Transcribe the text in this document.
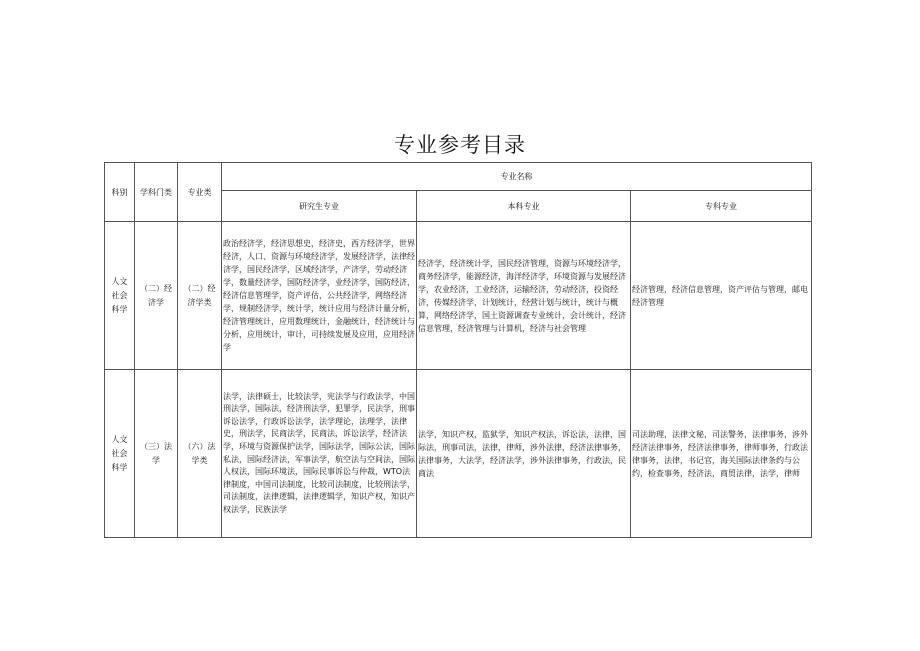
专业参考目录
科别	学科门类	专业类	专业名称		
			研究生专业	本科专业	专科专业
人文社会科学	（二）经济学	（二）经济学类	政治经济学，经济思想史，经济史，西方经济学，世界经济，人口、资源与环境经济学，发展经济学，法律经济学，国民经济学，区域经济学，产济学，劳动经济学，数量经济学，国防经济学，业经济学，国防经济，经济信息管理学，资产评估，公共经济学，网络经济学，规制经济学，统计学，统计应用与经济计量分析，经济管理统计，应用数理统计，金融统计，经济统计与分析，应用统计，审计，可持续发展及应用，应用经济学	经济学，经济统计学，国民经济管理，资源与环境经济学，商务经济学，能源经济，海洋经济学，环境资源与发展经济学，农业经济，工业经济，运输经济，劳动经济，投资经济，传媒经济学，计划统计，经营计划与统计，统计与概算，网络经济学，国土资源调查专业统计，会计统计，经济信息管理，经济管理与计算机，经济与社会管理	经济管理，经济信息管理，资产评估与管理，邮电经济管理
人文社会科学	（三）法学	（六）法学类	法学，法律硕士，比较法学，宪法学与行政法学，中国刑法学，国际法，经济刑法学，犯罪学，民法学，刑事诉讼法学，行政诉讼法学，法学理论，法理学，法律史，刑法学，民商法学，民商法，诉讼法学，经济法学，环境与资源保护法学，国际法学，国际公法，国际私法，国际经济法，军事法学，航空法与空间法，国际人权法，国际环境法，国际民事诉讼与仲裁，WTO法律制度，中国司法制度，比较司法制度，比较刑法学，司法制度，法律逻辑，法律逻辑学，知识产权，知识产权法学，民族法学	法学，知识产权，监狱学，知识产权法，诉讼法，法律，国际法，刑事司法，法律，律师，涉外法律，经济法律事务，法律事务，大法学，经济法学，涉外法律事务，行政法，民商法	司法助理，法律文秘，司法警务，法律事务，涉外经济法律事务，经济法律事务，律师事务，行政法律事务，法律，书记官，海关国际法律条约与公约，检查事务，经济法，商贸法律，法学，律师
